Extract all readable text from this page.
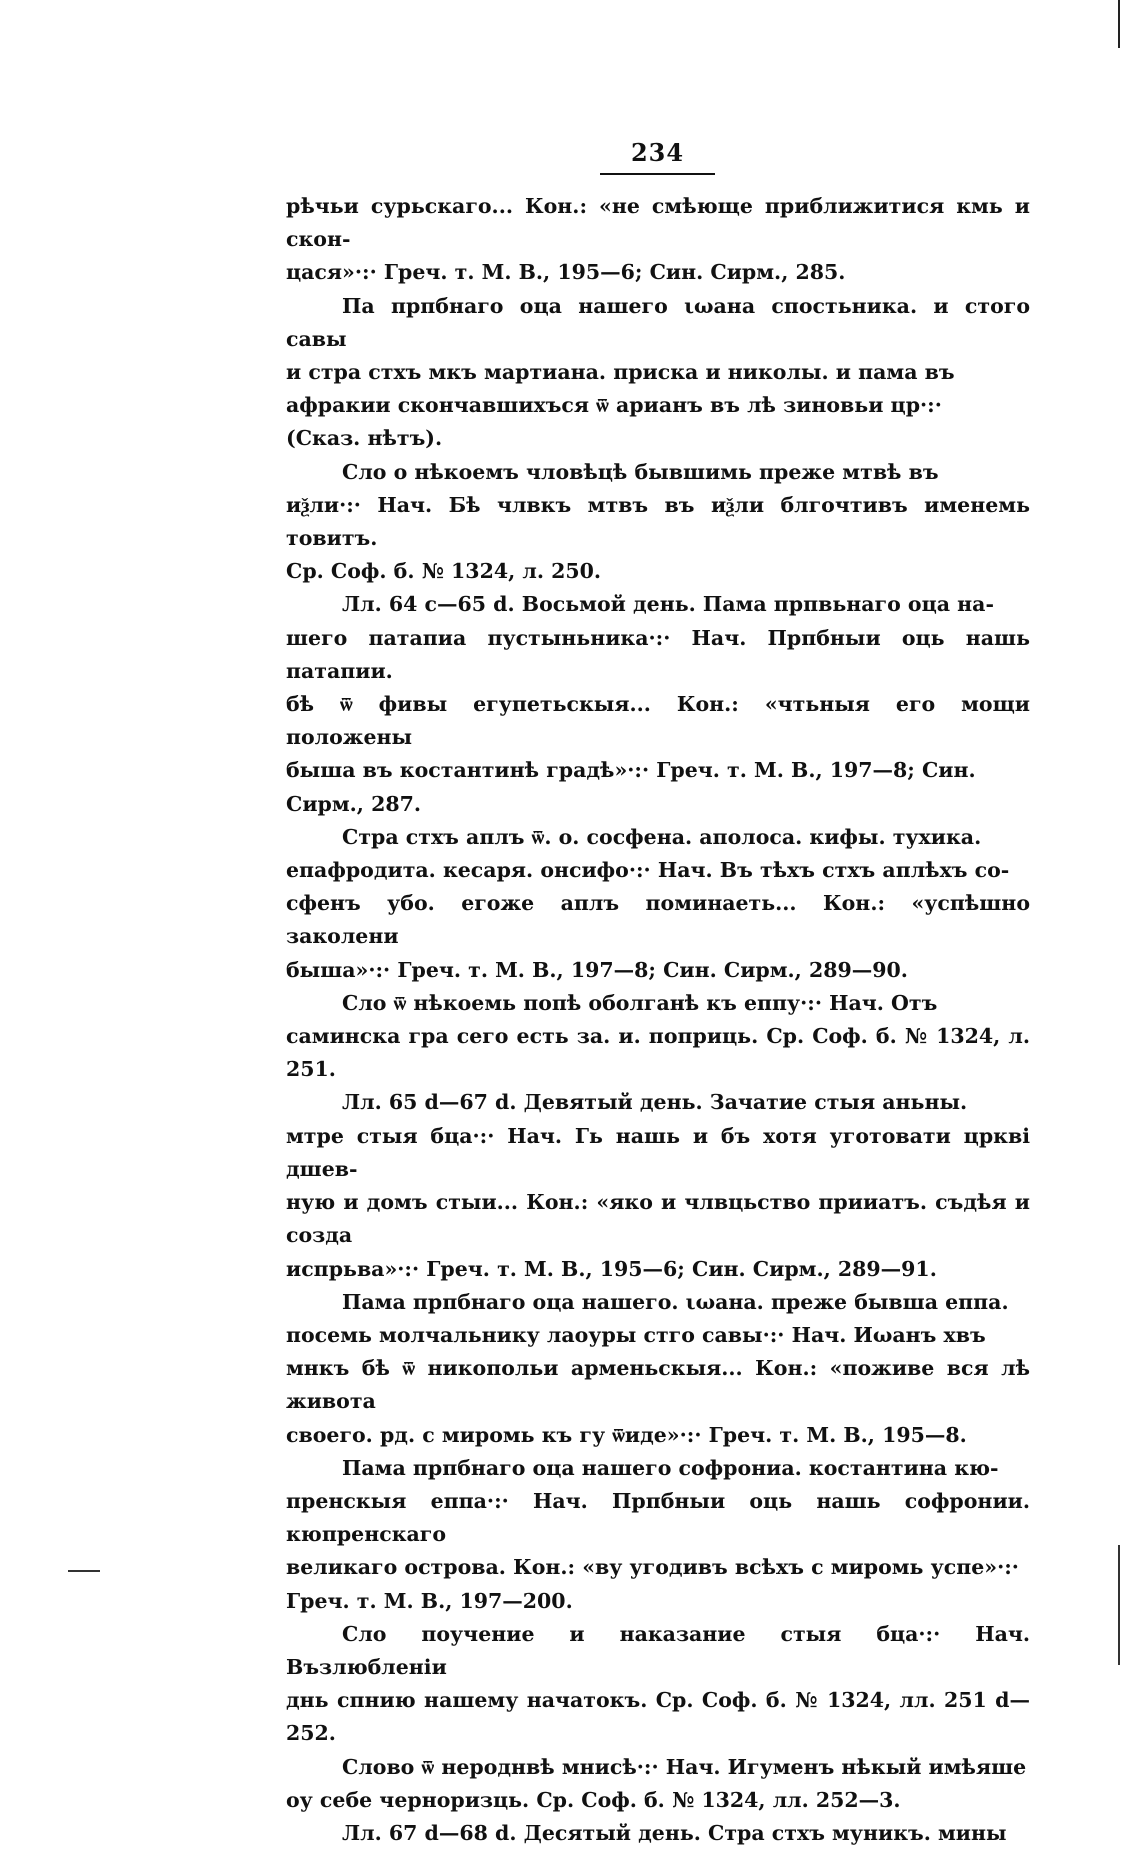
234

рѣчьи сурьскаго... Кон.: «не смѣюще приближитися кмь и скон-
цася»·:· Греч. т. М. В., 195—6; Син. Сирм., 285.

Па прпбнаго оца нашего ιωана спостьника. и стого савы
и стра стхъ мкъ мартиана. приска и николы. и пама въ
афракии скончавшихъся ѿ арианъ въ лѣ зиновьи цр·:·
(Сказ. нѣтъ).

Сло о нѣкоемъ чловѣцѣ бывшимь преже мтвѣ въ
иѯли·:· Нач. Бѣ члвкъ мтвъ въ иѯли блгочтивъ именемь товитъ.
Ср. Соф. б. № 1324, л. 250.

Лл. 64 с—65 d. Восьмой день. Пама прпвьнаго оца на-
шего патапиа пустыньника·:· Нач. Прпбныи оць нашь патапии.
бѣ ѿ фивы егупетьскыя... Кон.: «чтьныя его мощи положены
быша въ костантинѣ градѣ»·:· Греч. т. М. В., 197—8; Син.
Сирм., 287.

Стра стхъ аплъ ѿ. о. сосфена. аполоса. кифы. тухика.
епафродита. кесаря. онсифо·:· Нач. Въ тѣхъ стхъ аплѣхъ со-
сфенъ убо. егоже аплъ поминаеть... Кон.: «успѣшно заколени
быша»·:· Греч. т. М. В., 197—8; Син. Сирм., 289—90.

Сло ѿ нѣкоемь попѣ оболганѣ къ еппу·:· Нач. Отъ
саминска гра сего есть за. и. поприць. Ср. Соф. б. № 1324, л. 251.

Лл. 65 d—67 d. Девятый день. Зачатие стыя аньны.
мтре стыя бца·:· Нач. Гь нашь и бъ хотя уготовати цркві дшев-
ную и домъ стыи... Кон.: «яко и члвцьство прииатъ. съдѣя и созда
испрьва»·:· Греч. т. М. В., 195—6; Син. Сирм., 289—91.

Пама прпбнаго оца нашего. ιωана. преже бывша еппа.
посемь молчальнику лаоуры стго савы·:· Нач. Иωанъ хвъ
мнкъ бѣ ѿ никопольи арменьскыя... Кон.: «поживе вся лѣ живота
своего. рд. с миромь къ гу ѿиде»·:· Греч. т. М. В., 195—8.

Пама прпбнаго оца нашего софрониа. костантина кю-
пренскыя еппа·:· Нач. Прпбныи оць нашь софронии. кюпренскаго
великаго острова. Кон.: «ву угодивъ всѣхъ с миромь успе»·:·
Греч. т. М. В., 197—200.

Сло поучение и наказание стыя бца·:· Нач. Възлюбленіи
днь спнию нашему начатокъ. Ср. Соф. б. № 1324, лл. 251 d—252.

Слово ѿ нероднвѣ мнисѣ·:· Нач. Игуменъ нѣкый имѣяше
оу себе черноризць. Ср. Соф. б. № 1324, лл. 252—3.

Лл. 67 d—68 d. Десятый день. Стра стхъ муникъ. мины
